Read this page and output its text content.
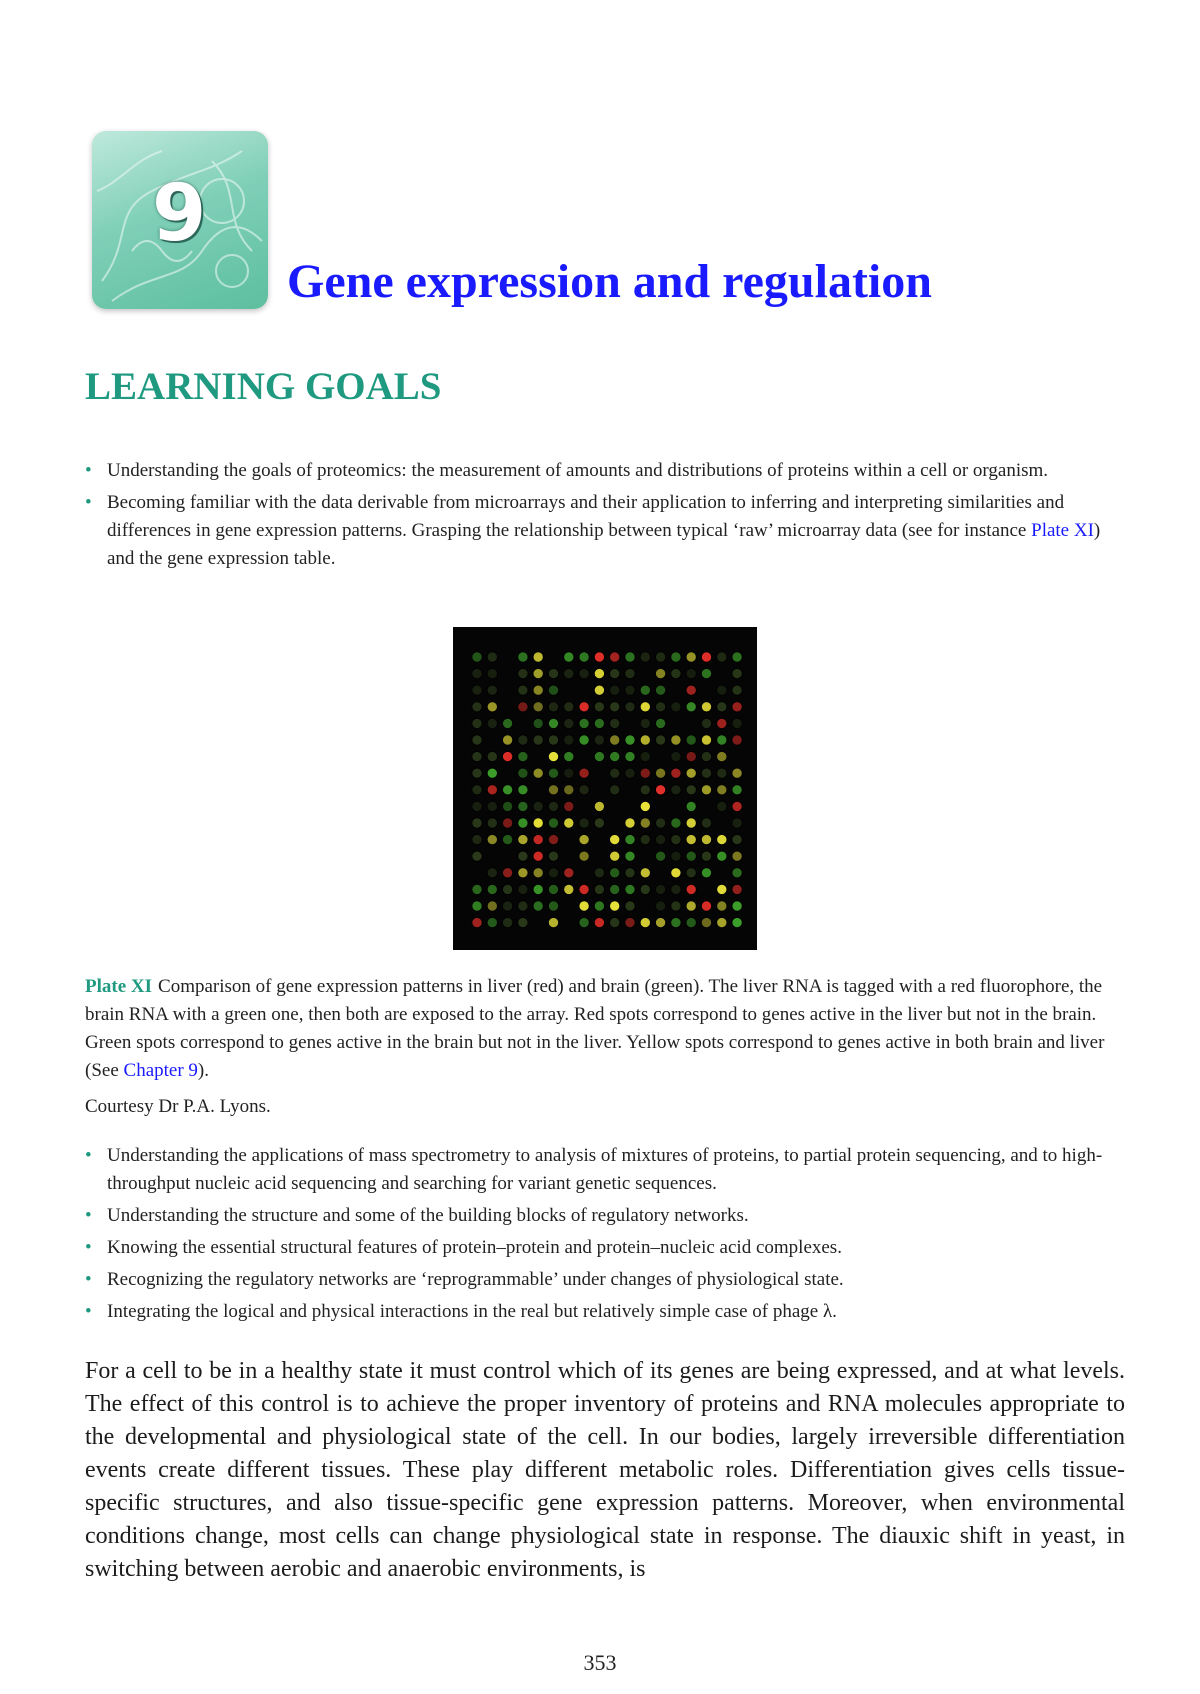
9
Gene expression and regulation
LEARNING GOALS
• Understanding the goals of proteomics: the measurement of amounts and distributions of proteins within a cell or organism.
• Becoming familiar with the data derivable from microarrays and their application to inferring and interpreting similarities and differences in gene expression patterns. Grasping the relationship between typical ‘raw’ microarray data (see for instance Plate XI) and the gene expression table.

Plate XI Comparison of gene expression patterns in liver (red) and brain (green). The liver RNA is tagged with a red fluorophore, the brain RNA with a green one, then both are exposed to the array. Red spots correspond to genes active in the liver but not in the brain. Green spots correspond to genes active in the brain but not in the liver. Yellow spots correspond to genes active in both brain and liver (See Chapter 9).

Courtesy Dr P.A. Lyons.

• Understanding the applications of mass spectrometry to analysis of mixtures of proteins, to partial protein sequencing, and to high-throughput nucleic acid sequencing and searching for variant genetic sequences.
• Understanding the structure and some of the building blocks of regulatory networks.
• Knowing the essential structural features of protein–protein and protein–nucleic acid complexes.
• Recognizing the regulatory networks are ‘reprogrammable’ under changes of physiological state.
• Integrating the logical and physical interactions in the real but relatively simple case of phage λ.

For a cell to be in a healthy state it must control which of its genes are being expressed, and at what levels. The effect of this control is to achieve the proper inventory of proteins and RNA molecules appropriate to the developmental and physiological state of the cell. In our bodies, largely irreversible differentiation events create different tissues. These play different metabolic roles. Differentiation gives cells tissue-specific structures, and also tissue-specific gene expression patterns. Moreover, when environmental conditions change, most cells can change physiological state in response. The diauxic shift in yeast, in switching between aerobic and anaerobic environments, is

353
